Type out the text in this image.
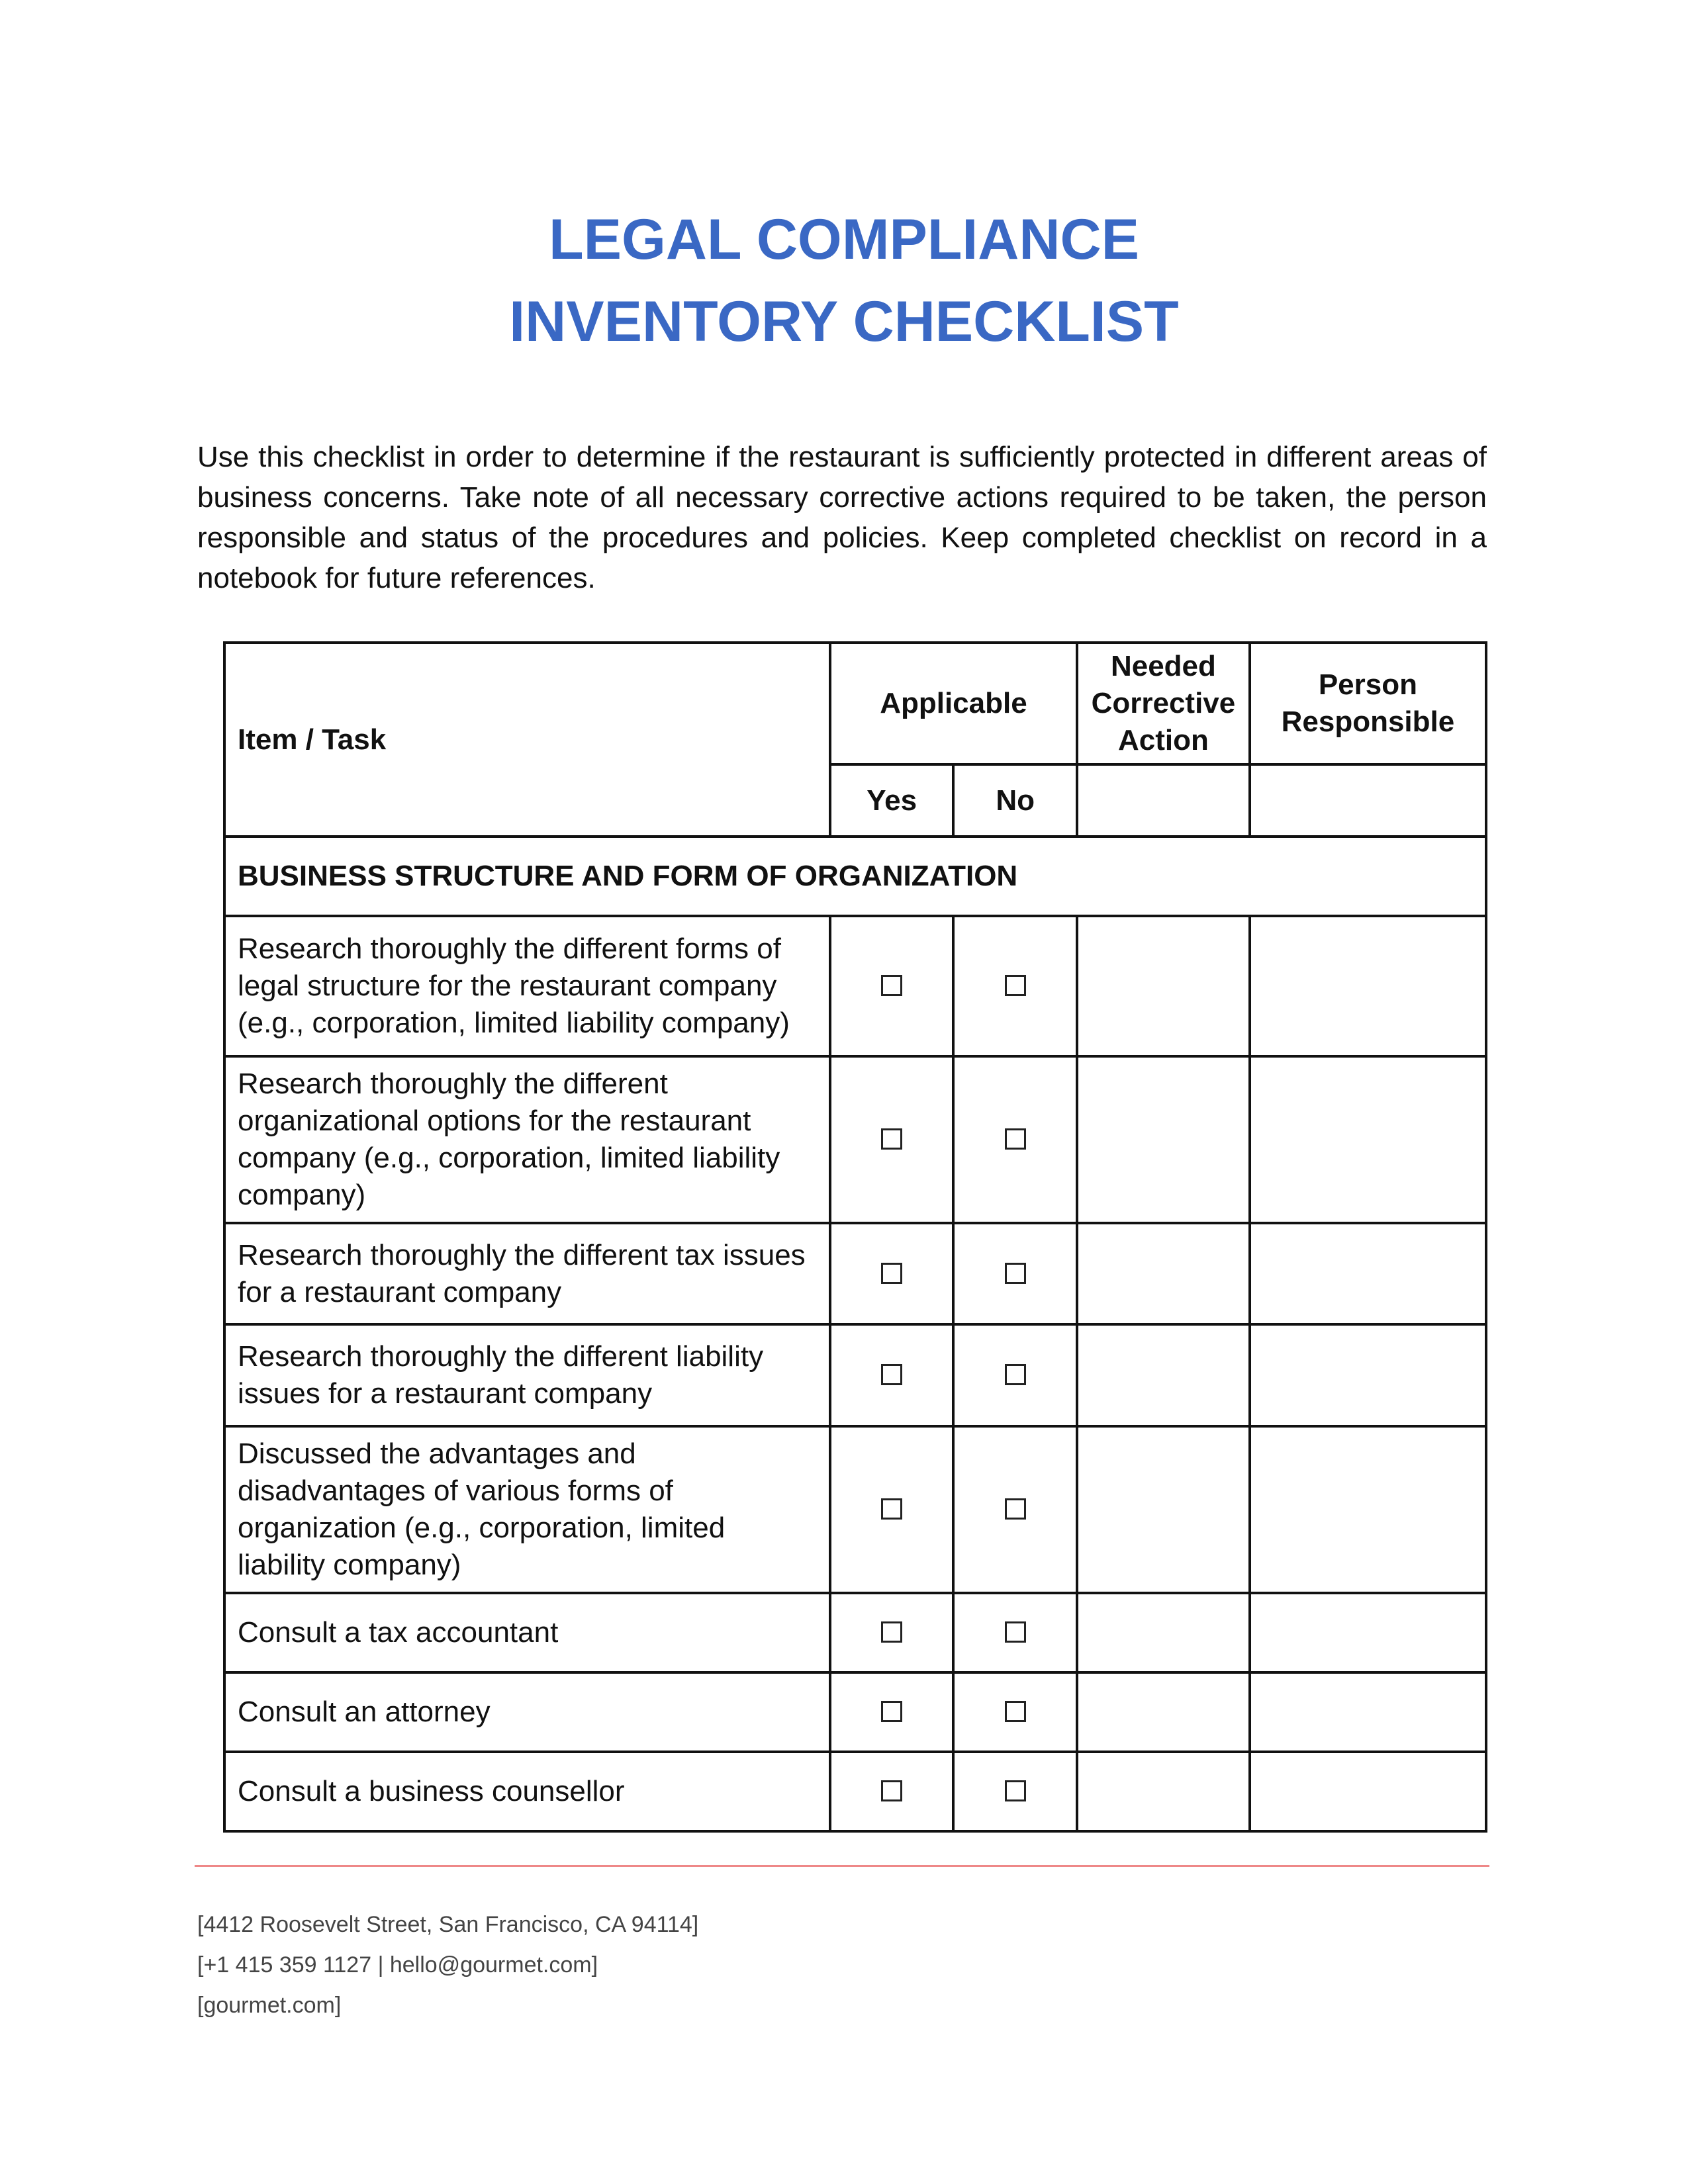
LEGAL COMPLIANCE
INVENTORY CHECKLIST
Use this checklist in order to determine if the restaurant is sufficiently protected in different areas of business concerns. Take note of all necessary corrective actions required to be taken, the person responsible and status of the procedures and policies. Keep completed checklist on record in a notebook for future references.
Item / Task	Applicable		Needed Corrective Action	Person Responsible
	Yes	No		
BUSINESS STRUCTURE AND FORM OF ORGANIZATION				
Research thoroughly the different forms of legal structure for the restaurant company (e.g., corporation, limited liability company)				
Research thoroughly the different organizational options for the restaurant company (e.g., corporation, limited liability company)				
Research thoroughly the different tax issues for a restaurant company				
Research thoroughly the different liability issues for a restaurant company				
Discussed the advantages and disadvantages of various forms of organization (e.g., corporation, limited liability company)				
Consult a tax accountant				
Consult an attorney				
Consult a business counsellor				
[4412 Roosevelt Street, San Francisco, CA 94114]
[+1 415 359 1127 | hello@gourmet.com]
[gourmet.com]
